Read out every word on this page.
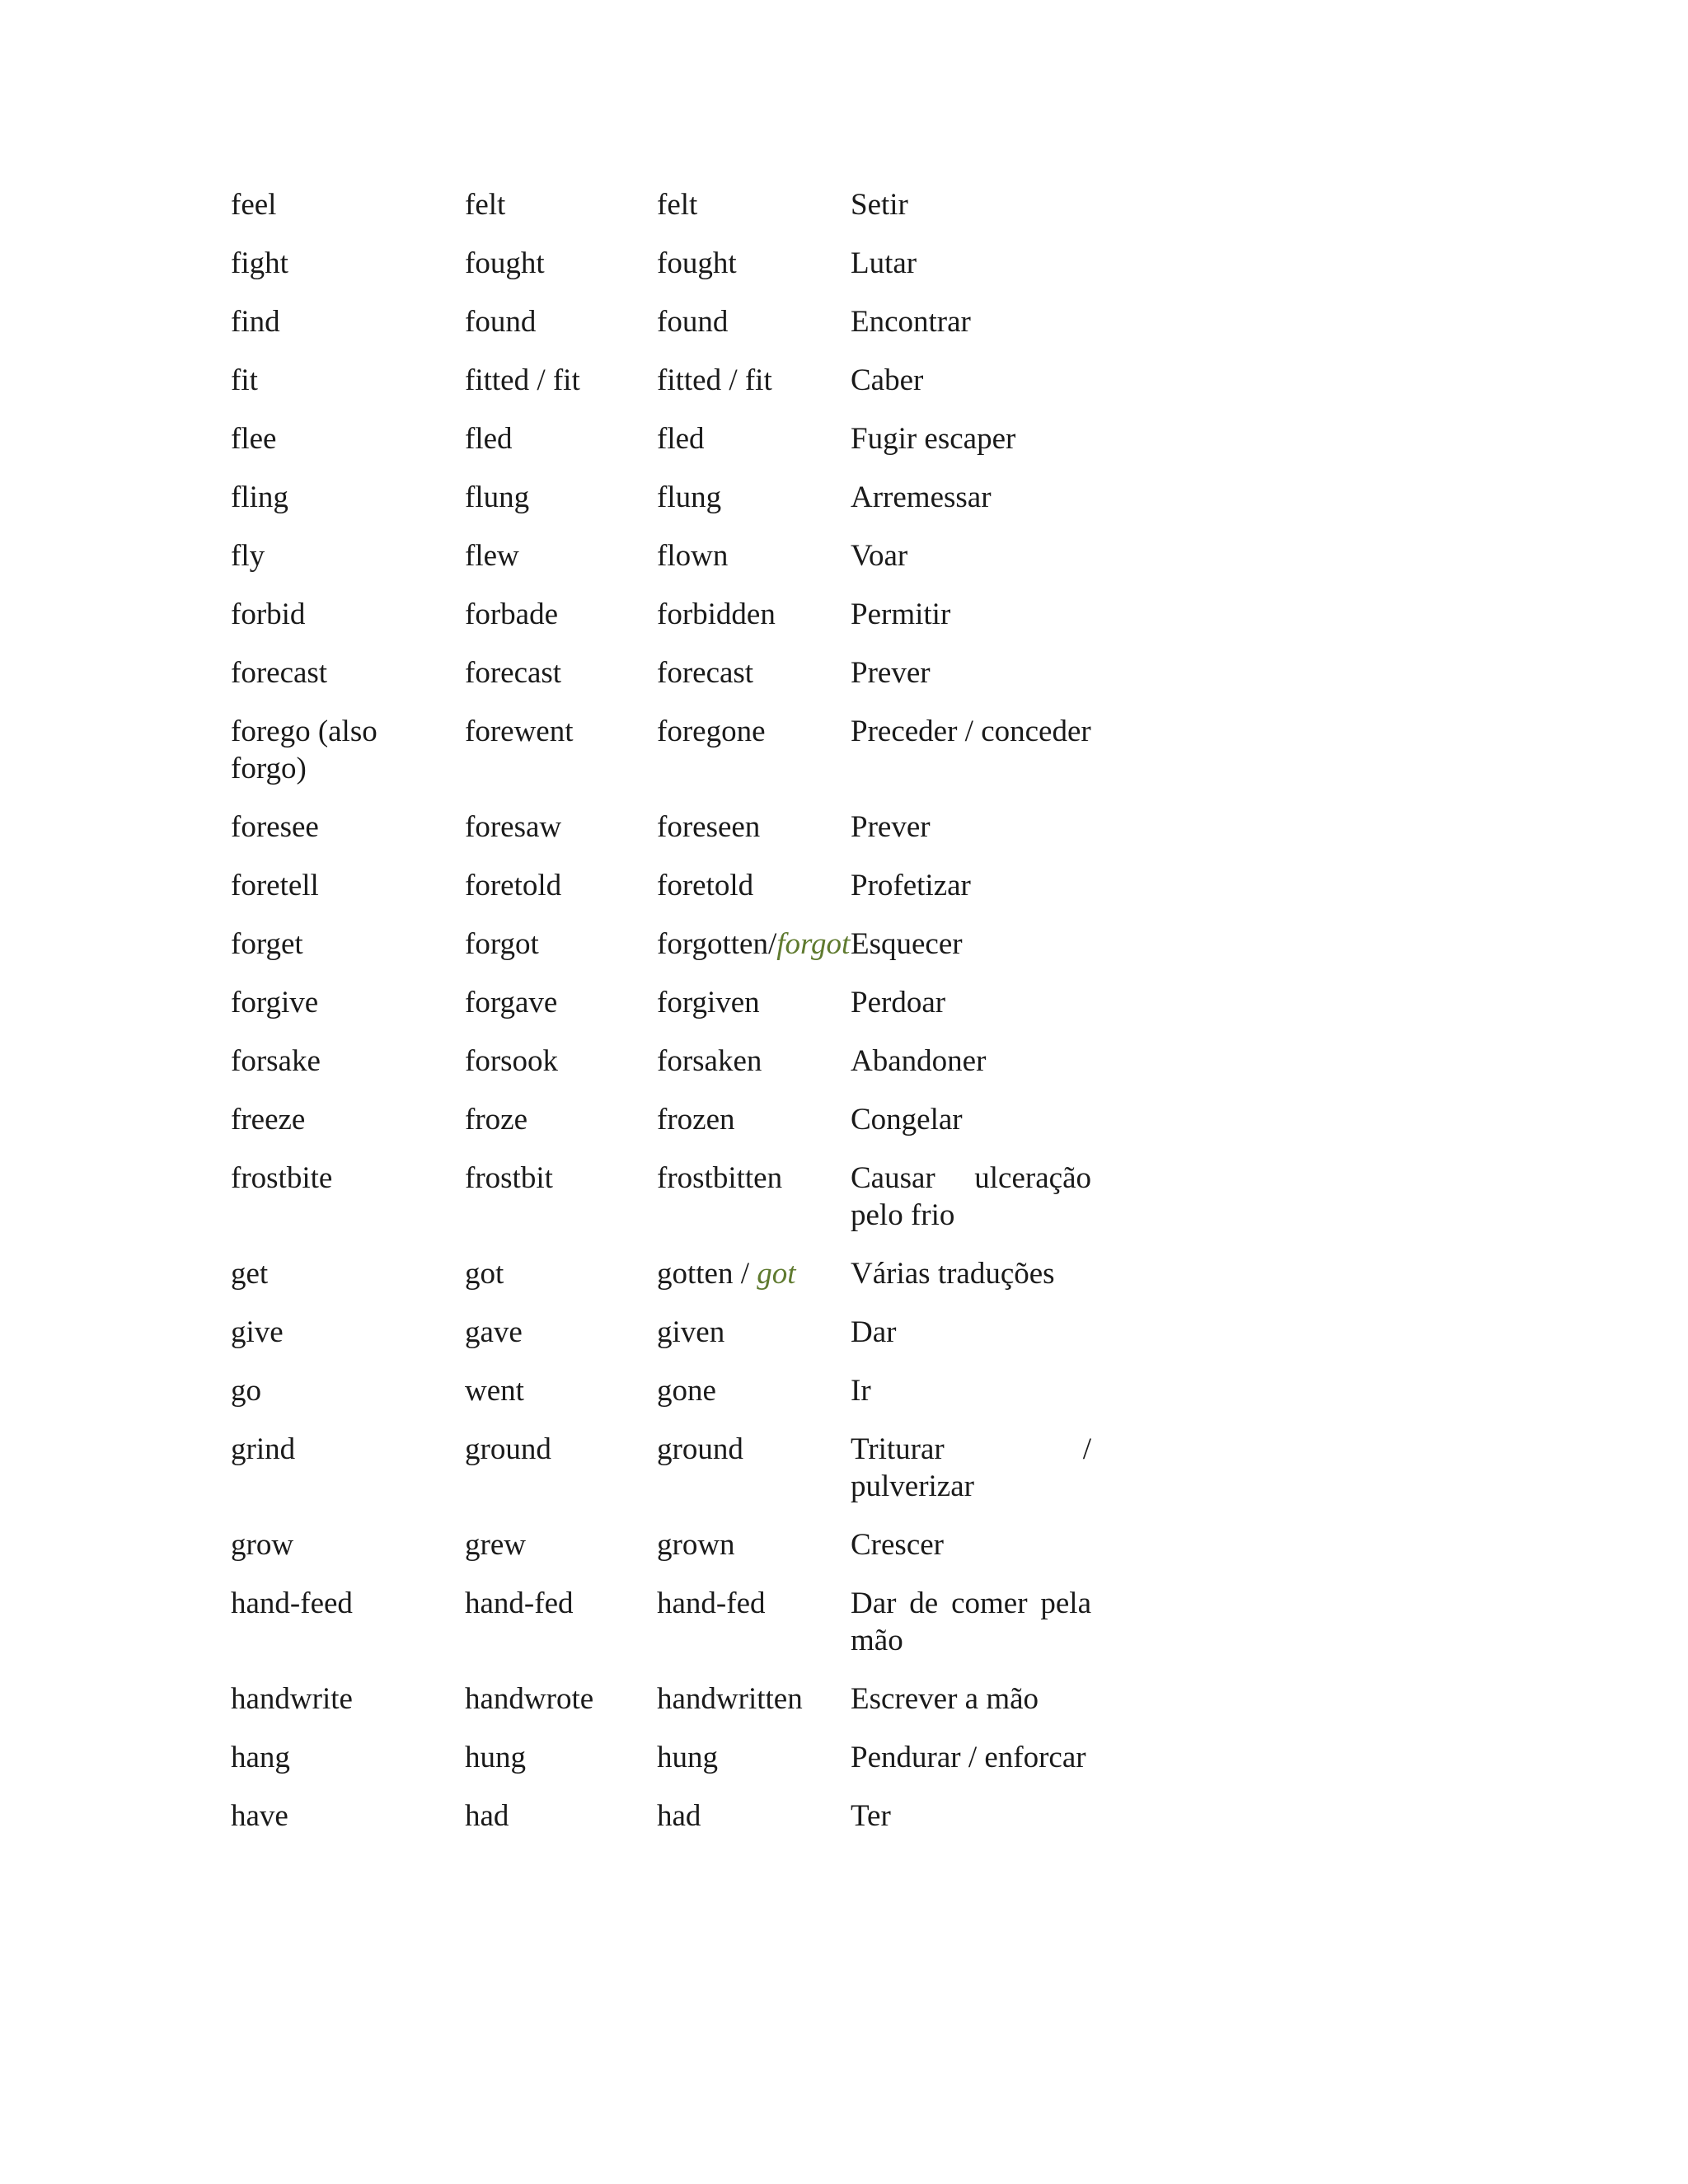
feel	felt	felt	Setir
fight	fought	fought	Lutar
find	found	found	Encontrar
fit	fitted / fit	fitted / fit	Caber
flee	fled	fled	Fugir escaper
fling	flung	flung	Arremessar
fly	flew	flown	Voar
forbid	forbade	forbidden	Permitir
forecast	forecast	forecast	Prever
forego (also forgo)	forewent	foregone	Preceder / conceder
foresee	foresaw	foreseen	Prever
foretell	foretold	foretold	Profetizar
forget	forgot	forgotten/forgot	Esquecer
forgive	forgave	forgiven	Perdoar
forsake	forsook	forsaken	Abandoner
freeze	froze	frozen	Congelar
frostbite	frostbit	frostbitten	Causar ulceração pelo frio
get	got	gotten / got	Várias traduções
give	gave	given	Dar
go	went	gone	Ir
grind	ground	ground	Triturar / pulverizar
grow	grew	grown	Crescer
hand-feed	hand-fed	hand-fed	Dar de comer pela mão
handwrite	handwrote	handwritten	Escrever a mão
hang	hung	hung	Pendurar / enforcar
have	had	had	Ter
